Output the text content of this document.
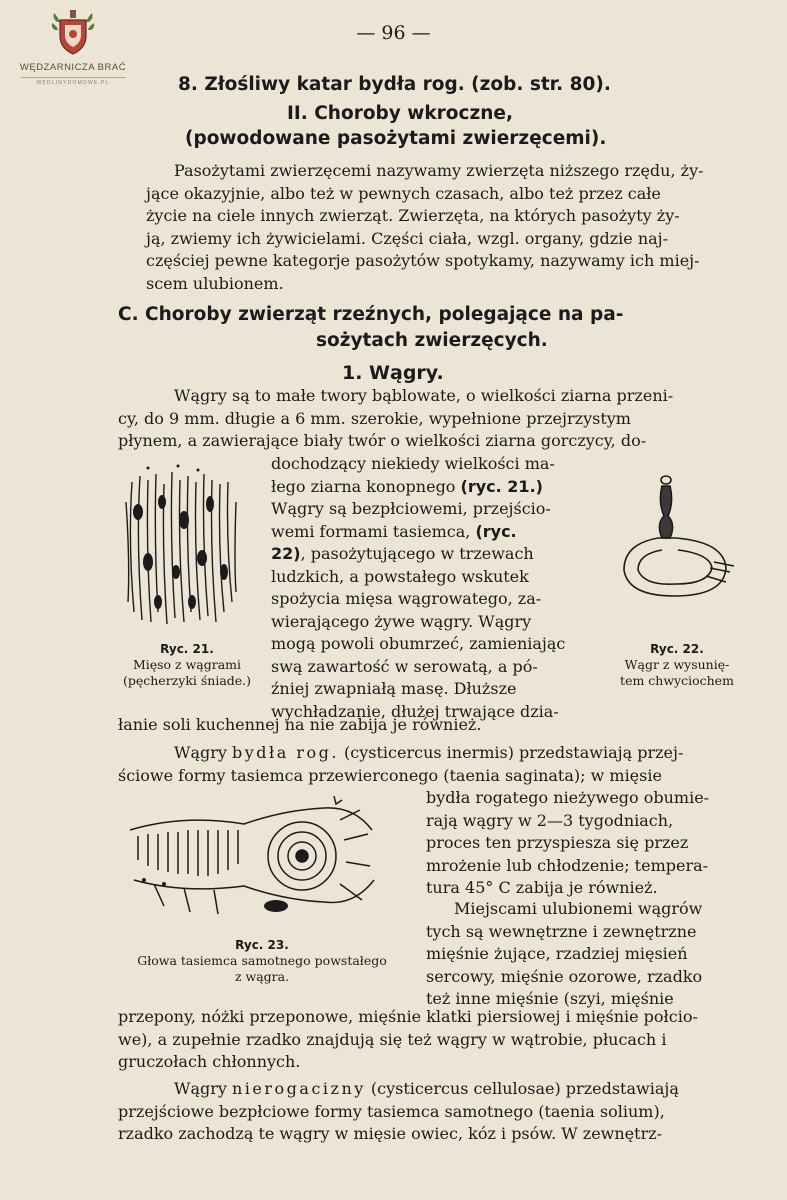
WĘDZARNICZA BRAĆ
WĘDLINYDOMOWE.PL
— 96 —
8. Złośliwy katar bydła rog. (zob. str. 80).
II. Choroby wkroczne,
(powodowane pasożytami zwierzęcemi).
Pasożytami zwierzęcemi nazywamy zwierzęta niższego rzędu, ży-
jące okazyjnie, albo też w pewnych czasach, albo też przez całe
życie na ciele innych zwierząt. Zwierzęta, na których pasożyty ży-
ją, zwiemy ich żywicielami. Części ciała, wzgl. organy, gdzie naj-
częściej pewne kategorje pasożytów spotykamy, nazywamy ich miej-
scem ulubionem.
C. Choroby zwierząt rzeźnych, polegające na pa-
sożytach zwierzęcych.
1. Wągry.
Wągry są to małe twory bąblowate, o wielkości ziarna przeni-
cy, do 9 mm. długie a 6 mm. szerokie, wypełnione przejrzystym
płynem, a zawierające biały twór o wielkości ziarna gorczycy, do-
Ryc. 21.
Mięso z wągrami
(pęcherzyki śniade.)
dochodzący niekiedy wielkości ma-
łego ziarna konopnego (ryc. 21.)
Wągry są bezpłciowemi, przejścio-
wemi formami tasiemca, (ryc.
22), pasożytującego w trzewach
ludzkich, a powstałego wskutek
spożycia mięsa wągrowatego, za-
wierającego żywe wągry. Wągry
mogą powoli obumrzeć, zamieniając
swą zawartość w serowatą, a pó-
źniej zwapniałą masę. Dłuższe
wychładzanie, dłużej trwające dzia-
Ryc. 22.
Wągr z wysunię-
tem chwyciochem
łanie soli kuchennej na nie zabija je również.
Wągry bydła rog. (cysticercus inermis) przedstawiają przej-
ściowe formy tasiemca przewierconego (taenia saginata); w mięsie
bydła rogatego nieżywego obumie-
rają wągry w 2—3 tygodniach,
proces ten przyspiesza się przez
mrożenie lub chłodzenie; tempera-
tura 45° C zabija je również.
Ryc. 23.
Głowa tasiemca samotnego powstałego
z wągra.
Miejscami ulubionemi wągrów
tych są wewnętrzne i zewnętrzne
mięśnie żujące, rzadziej mięsień
sercowy, mięśnie ozorowe, rzadko
też inne mięśnie (szyi, mięśnie
przepony, nóżki przeponowe, mięśnie klatki piersiowej i mięśnie połcio-
we), a zupełnie rzadko znajdują się też wągry w wątrobie, płucach i
gruczołach chłonnych.
Wągry nierogacizny (cysticercus cellulosae) przedstawiają
przejściowe bezpłciowe formy tasiemca samotnego (taenia solium),
rzadko zachodzą te wągry w mięsie owiec, kóz i psów. W zewnętrz-
